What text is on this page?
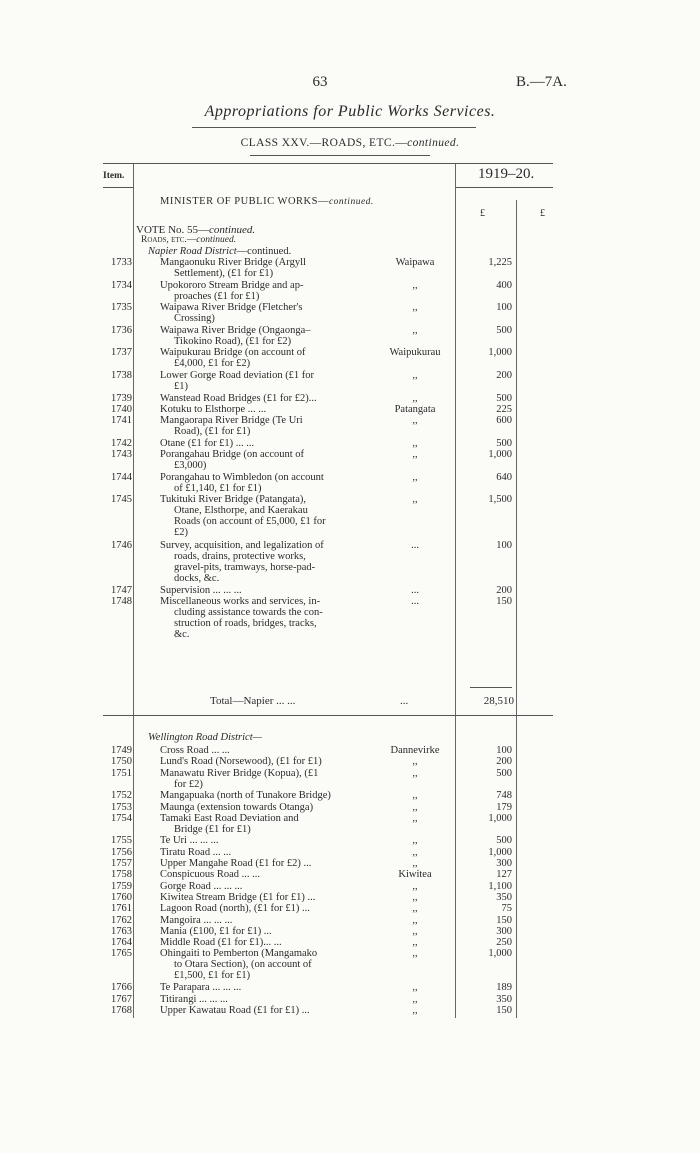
63	B.—7A.
Appropriations for Public Works Services.
CLASS XXV.—ROADS, ETC.—continued.
Item.	1919–20.
MINISTER OF PUBLIC WORKS—continued.
£	£
VOTE No. 55—continued.
Roads, etc.—continued.
Napier Road District—continued.
1733	Mangaonuku River Bridge (Argyll
Settlement), (£1 for £1)
Waipawa	1,225
1734	Upokororo Stream Bridge and ap-
proaches (£1 for £1)
,,	400
1735	Waipawa River Bridge (Fletcher's
Crossing)
,,	100
1736	Waipawa River Bridge (Ongaonga–
Tikokino Road), (£1 for £2)
,,	500
1737	Waipukurau Bridge (on account of
£4,000, £1 for £2)
Waipukurau	1,000
1738	Lower Gorge Road deviation (£1 for
£1)
,,	200
1739	Wanstead Road Bridges (£1 for £2)...	,,	500
1740	Kotuku to Elsthorpe ... ...	Patangata	225
1741	Mangaorapa River Bridge (Te Uri
Road), (£1 for £1)
,,	600
1742	Otane (£1 for £1) ... ...	,,	500
1743	Porangahau Bridge (on account of
£3,000)
,,	1,000
1744	Porangahau to Wimbledon (on account
of £1,140, £1 for £1)
,,	640
1745	Tukituki River Bridge (Patangata),
Otane, Elsthorpe, and Kaerakau
Roads (on account of £5,000, £1 for
£2)
,,	1,500
1746	Survey, acquisition, and legalization of
roads, drains, protective works,
gravel-pits, tramways, horse-pad-
docks, &c.
...	100
1747	Supervision ... ... ...	...	200
1748	Miscellaneous works and services, in-
cluding assistance towards the con-
struction of roads, bridges, tracks,
&c.
...	150
Total—Napier ... ...	...	28,510
Wellington Road District—
1749	Cross Road ... ...	Dannevirke	100
1750	Lund's Road (Norsewood), (£1 for £1)	,,	200
1751	Manawatu River Bridge (Kopua), (£1
for £2)
,,	500
1752	Mangapuaka (north of Tunakore Bridge)	,,	748
1753	Maunga (extension towards Otanga)	,,	179
1754	Tamaki East Road Deviation and
Bridge (£1 for £1)
,,	1,000
1755	Te Uri ... ... ...	,,	500
1756	Tiratu Road ... ...	,,	1,000
1757	Upper Mangahe Road (£1 for £2) ...	,,	300
1758	Conspicuous Road ... ...	Kiwitea	127
1759	Gorge Road ... ... ...	,,	1,100
1760	Kiwitea Stream Bridge (£1 for £1) ...	,,	350
1761	Lagoon Road (north), (£1 for £1) ...	,,	75
1762	Mangoira ... ... ...	,,	150
1763	Mania (£100, £1 for £1) ...	,,	300
1764	Middle Road (£1 for £1)... ...	,,	250
1765	Ohingaiti to Pemberton (Mangamako
to Otara Section), (on account of
£1,500, £1 for £1)
,,	1,000
1766	Te Parapara ... ... ...	,,	189
1767	Titirangi ... ... ...	,,	350
1768	Upper Kawatau Road (£1 for £1) ...	,,	150
